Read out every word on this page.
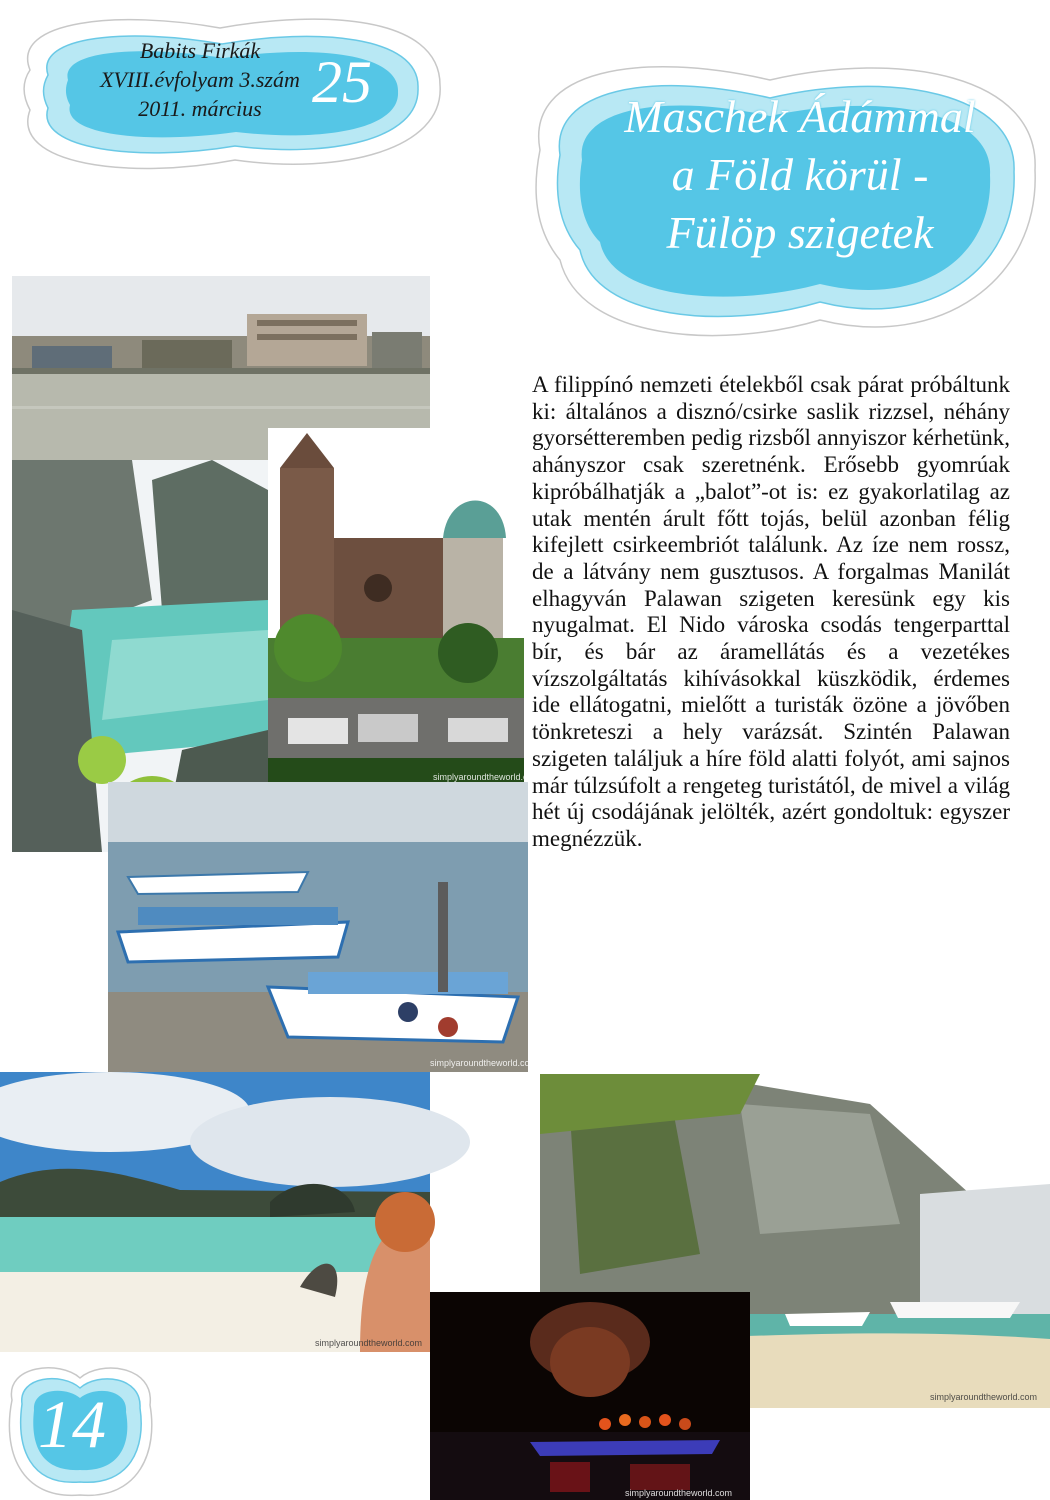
Babits Firkák
XVIII.évfolyam 3.szám
2011. március 25
Maschek Ádámmal
a Föld körül -
Fülöp szigetek

A filippínó nemzeti ételekből csak párat próbáltunk ki: általános a disznó/csirke saslik rizzsel, néhány gyorsétteremben pedig rizsből annyiszor kérhetünk, ahányszor csak szeretnénk. Erősebb gyomrúak kipróbálhatják a „balot”-ot is: ez gyakorlatilag az utak mentén árult főtt tojás, belül azonban félig kifejlett csirkeembriót találunk. Az íze nem rossz, de a látvány nem gusztusos. A forgalmas Manilát elhagyván Palawan szigeten keresünk egy kis nyugalmat. El Nido városka csodás tengerparttal bír, és bár az áramellátás és a vezetékes vízszolgáltatás kihívásokkal küszködik, érdemes ide ellátogatni, mielőtt a turisták özöne a jövőben tönkreteszi a hely varázsát. Szintén Palawan szigeten találjuk a híre föld alatti folyót, ami sajnos már túlzsúfolt a rengeteg turistától, de mivel a világ hét új csodájának jelölték, azért gondoltuk: egyszer megnézzük.

simplyaroundtheworld.com
simplyaroundtheworld.com
simplyaroundtheworld.com
simplyaroundtheworld.com
simplyaroundtheworld.com
14
